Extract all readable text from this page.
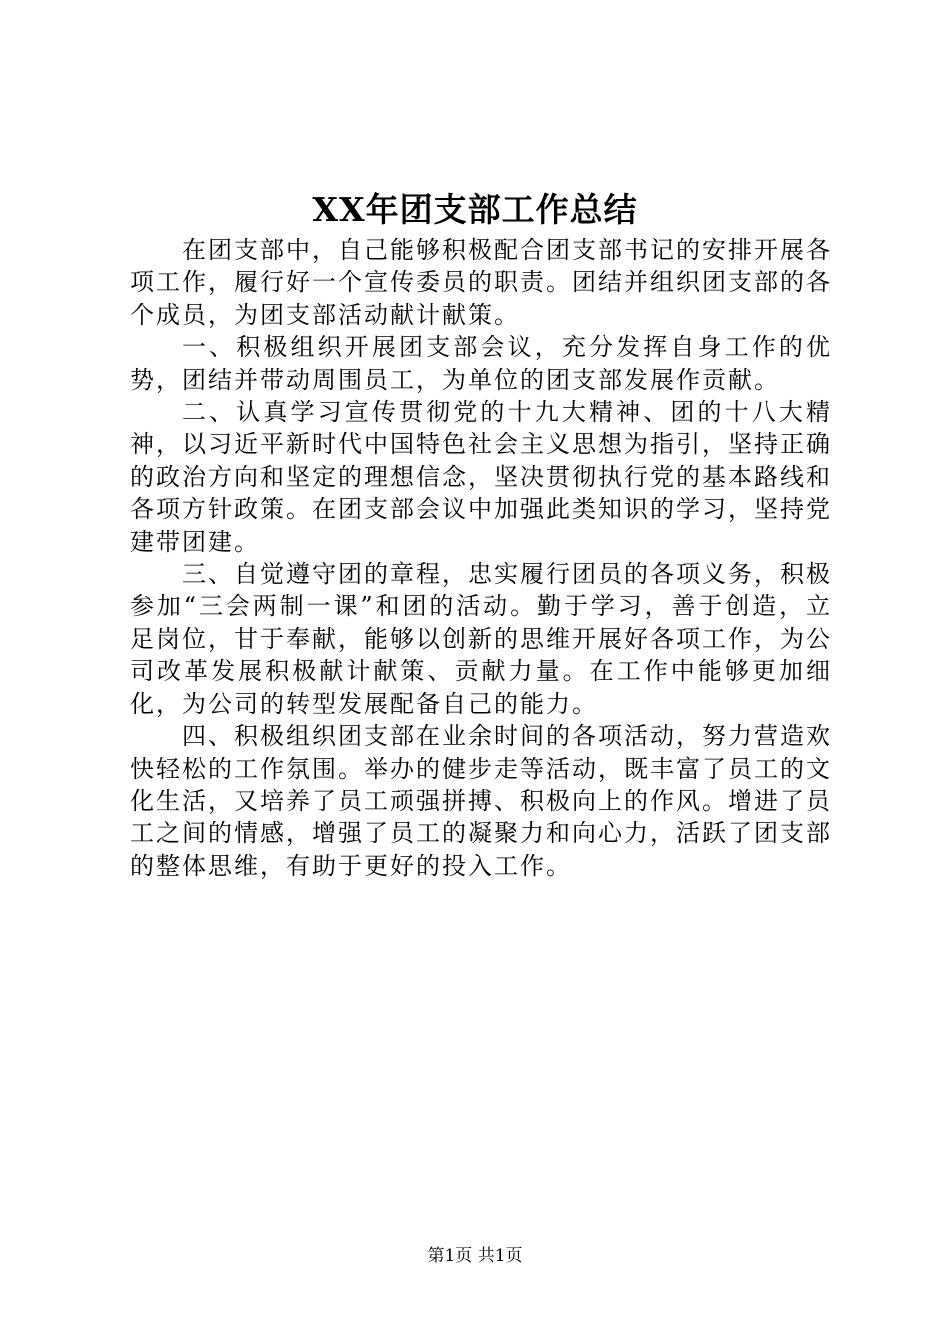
XX年团支部工作总结

在团支部中，自己能够积极配合团支部书记的安排开展各项工作，履行好一个宣传委员的职责。团结并组织团支部的各个成员，为团支部活动献计献策。

一、积极组织开展团支部会议，充分发挥自身工作的优势，团结并带动周围员工，为单位的团支部发展作贡献。

二、认真学习宣传贯彻党的十九大精神、团的十八大精神，以习近平新时代中国特色社会主义思想为指引，坚持正确的政治方向和坚定的理想信念，坚决贯彻执行党的基本路线和各项方针政策。在团支部会议中加强此类知识的学习，坚持党建带团建。

三、自觉遵守团的章程，忠实履行团员的各项义务，积极参加“三会两制一课”和团的活动。勤于学习，善于创造，立足岗位，甘于奉献，能够以创新的思维开展好各项工作，为公司改革发展积极献计献策、贡献力量。在工作中能够更加细化，为公司的转型发展配备自己的能力。

四、积极组织团支部在业余时间的各项活动，努力营造欢快轻松的工作氛围。举办的健步走等活动，既丰富了员工的文化生活，又培养了员工顽强拼搏、积极向上的作风。增进了员工之间的情感，增强了员工的凝聚力和向心力，活跃了团支部的整体思维，有助于更好的投入工作。

第1页 共1页
